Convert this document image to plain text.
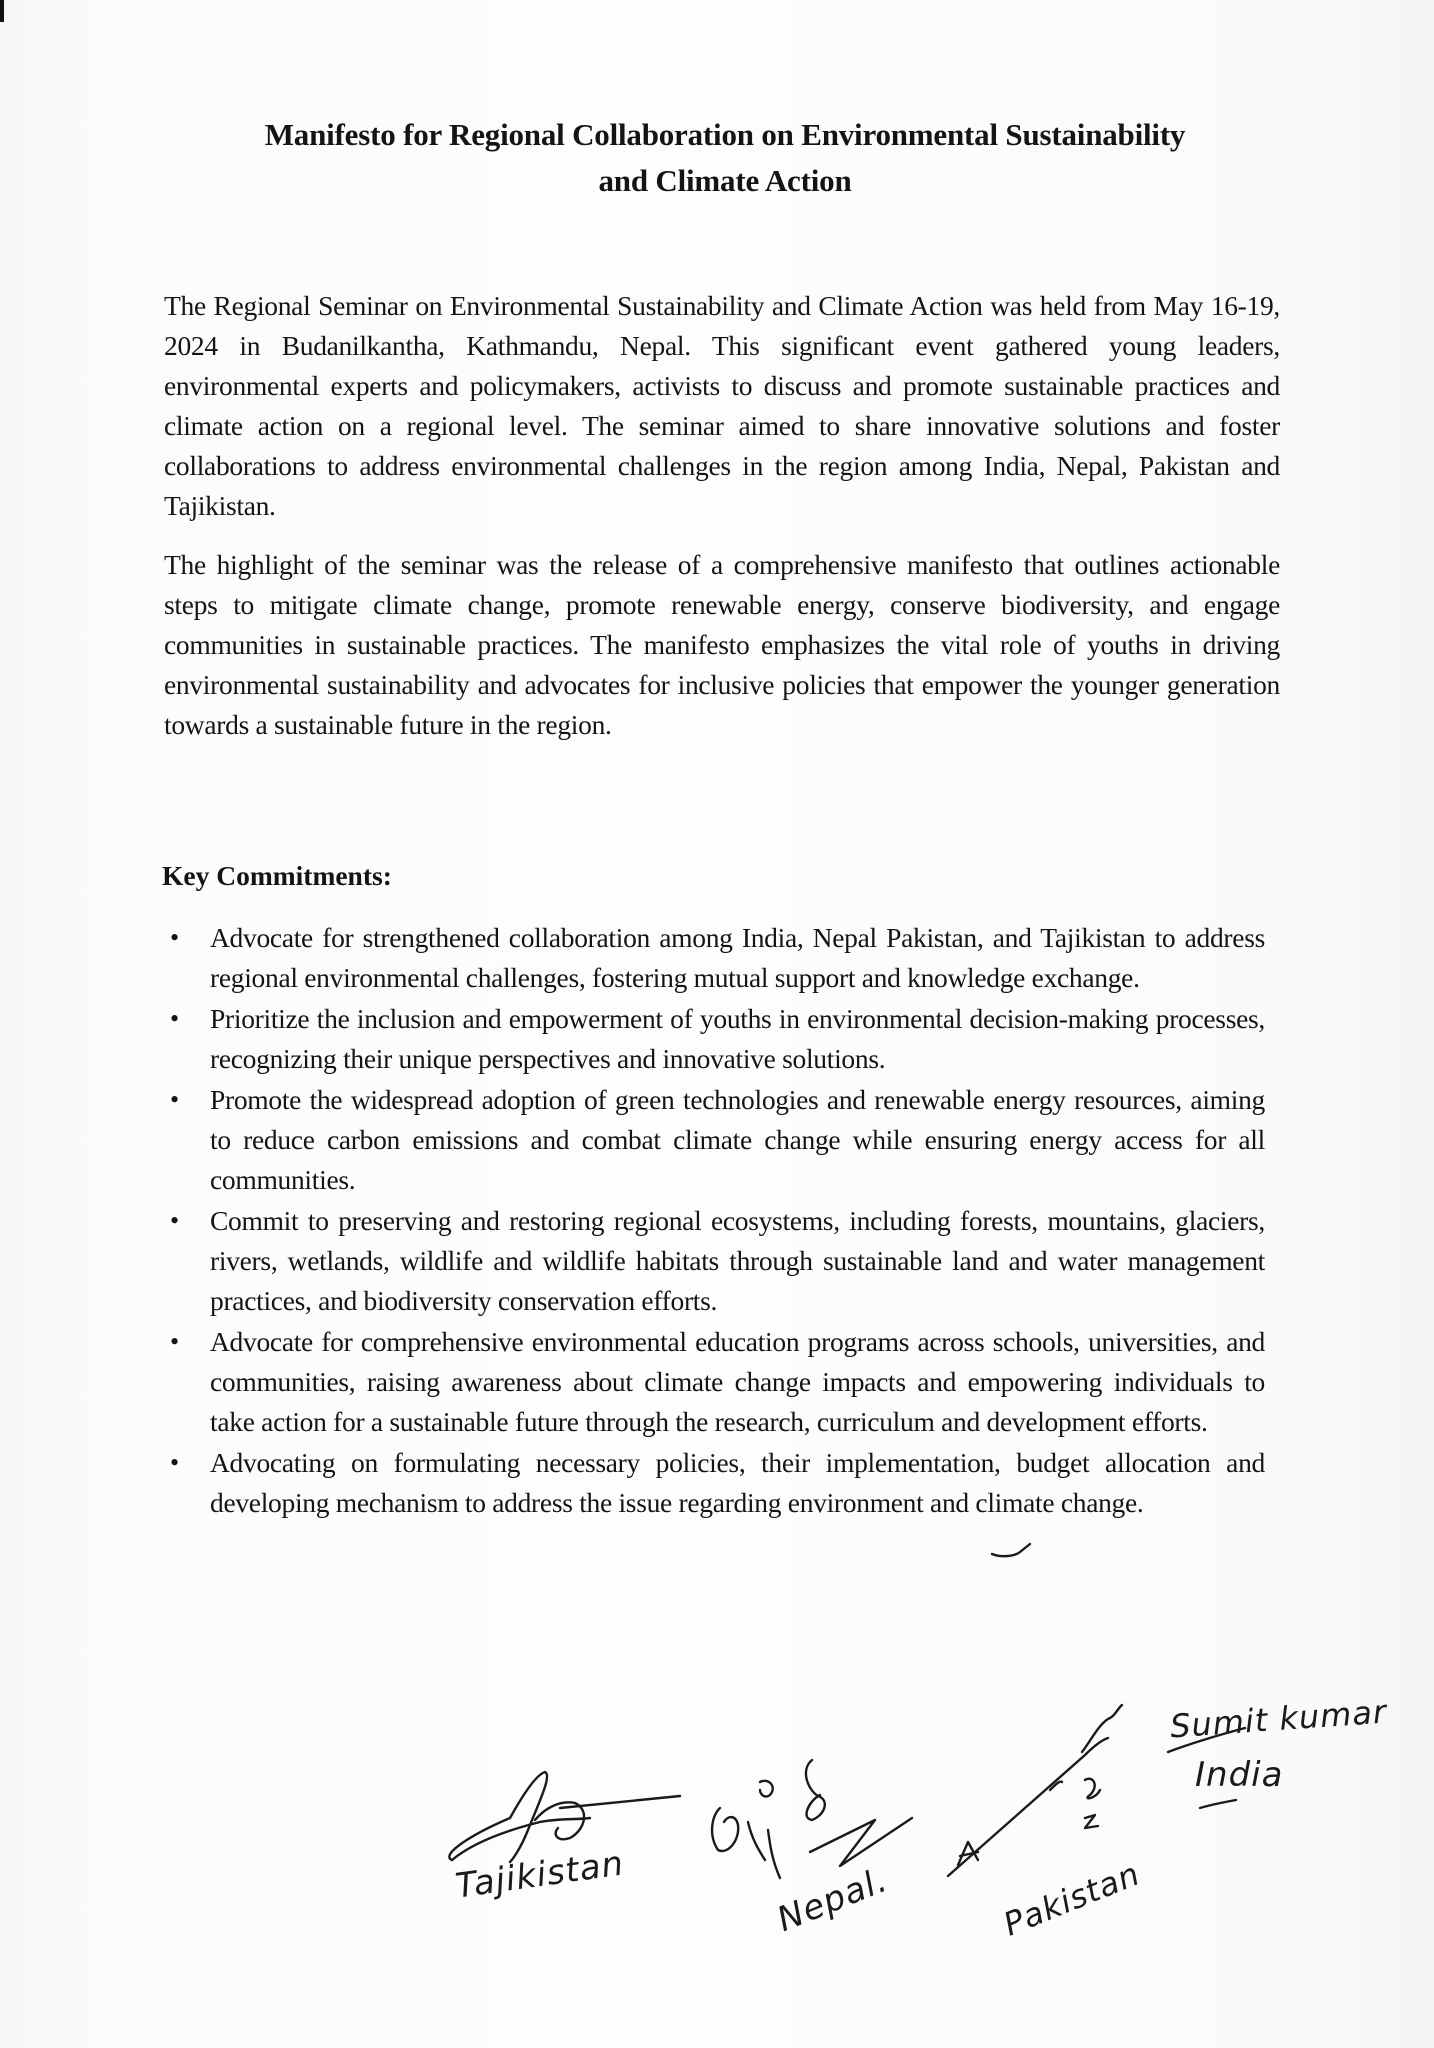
Manifesto for Regional Collaboration on Environmental Sustainability
and Climate Action

The Regional Seminar on Environmental Sustainability and Climate Action was held from May 16-19, 2024 in Budanilkantha, Kathmandu, Nepal. This significant event gathered young leaders, environmental experts and policymakers, activists to discuss and promote sustainable practices and climate action on a regional level. The seminar aimed to share innovative solutions and foster collaborations to address environmental challenges in the region among India, Nepal, Pakistan and Tajikistan.

The highlight of the seminar was the release of a comprehensive manifesto that outlines actionable steps to mitigate climate change, promote renewable energy, conserve biodiversity, and engage communities in sustainable practices. The manifesto emphasizes the vital role of youths in driving environmental sustainability and advocates for inclusive policies that empower the younger generation towards a sustainable future in the region.

Key Commitments:
• Advocate for strengthened collaboration among India, Nepal Pakistan, and Tajikistan to address regional environmental challenges, fostering mutual support and knowledge exchange.
• Prioritize the inclusion and empowerment of youths in environmental decision-making processes, recognizing their unique perspectives and innovative solutions.
• Promote the widespread adoption of green technologies and renewable energy resources, aiming to reduce carbon emissions and combat climate change while ensuring energy access for all communities.
• Commit to preserving and restoring regional ecosystems, including forests, mountains, glaciers, rivers, wetlands, wildlife and wildlife habitats through sustainable land and water management practices, and biodiversity conservation efforts.
• Advocate for comprehensive environmental education programs across schools, universities, and communities, raising awareness about climate change impacts and empowering individuals to take action for a sustainable future through the research, curriculum and development efforts.
• Advocating on formulating necessary policies, their implementation, budget allocation and developing mechanism to address the issue regarding environment and climate change.
Tajikistan	Nepal.	Pakistan
Sumit kumar
India
